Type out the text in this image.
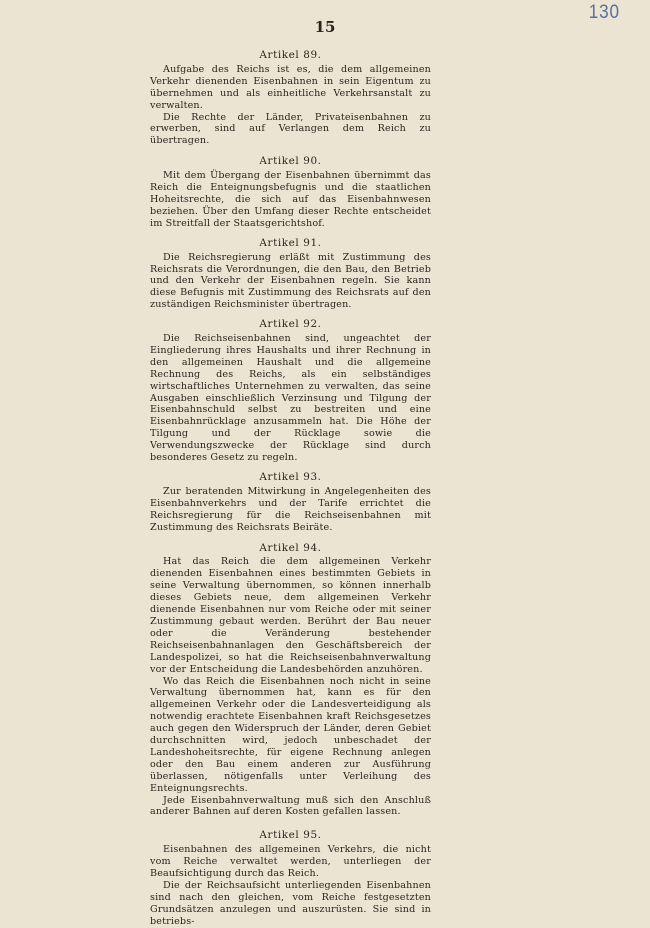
130
15

Artikel 89.

Aufgabe des Reichs ist es, die dem allgemeinen Verkehr dienenden Eisenbahnen in sein Eigentum zu übernehmen und als einheitliche Verkehrsanstalt zu verwalten.

Die Rechte der Länder, Privateisenbahnen zu erwerben, sind auf Verlangen dem Reich zu übertragen.

Artikel 90.

Mit dem Übergang der Eisenbahnen übernimmt das Reich die Enteignungsbefugnis und die staatlichen Hoheitsrechte, die sich auf das Eisenbahnwesen beziehen. Über den Umfang dieser Rechte entscheidet im Streitfall der Staatsgerichtshof.

Artikel 91.

Die Reichsregierung erläßt mit Zustimmung des Reichsrats die Verordnungen, die den Bau, den Betrieb und den Verkehr der Eisenbahnen regeln. Sie kann diese Befugnis mit Zustimmung des Reichsrats auf den zuständigen Reichsminister übertragen.

Artikel 92.

Die Reichseisenbahnen sind, ungeachtet der Eingliederung ihres Haushalts und ihrer Rechnung in den allgemeinen Haushalt und die allgemeine Rechnung des Reichs, als ein selbständiges wirtschaftliches Unternehmen zu verwalten, das seine Ausgaben einschließlich Verzinsung und Tilgung der Eisenbahnschuld selbst zu bestreiten und eine Eisenbahnrücklage anzusammeln hat. Die Höhe der Tilgung und der Rücklage sowie die Verwendungszwecke der Rücklage sind durch besonderes Gesetz zu regeln.

Artikel 93.

Zur beratenden Mitwirkung in Angelegenheiten des Eisenbahnverkehrs und der Tarife errichtet die Reichsregierung für die Reichseisenbahnen mit Zustimmung des Reichsrats Beiräte.

Artikel 94.

Hat das Reich die dem allgemeinen Verkehr dienenden Eisenbahnen eines bestimmten Gebiets in seine Verwaltung übernommen, so können innerhalb dieses Gebiets neue, dem allgemeinen Verkehr dienende Eisenbahnen nur vom Reiche oder mit seiner Zustimmung gebaut werden. Berührt der Bau neuer oder die Veränderung bestehender Reichseisenbahnanlagen den Geschäftsbereich der Landespolizei, so hat die Reichseisenbahnverwaltung vor der Entscheidung die Landesbehörden anzuhören.

Wo das Reich die Eisenbahnen noch nicht in seine Verwaltung übernommen hat, kann es für den allgemeinen Verkehr oder die Landesverteidigung als notwendig erachtete Eisenbahnen kraft Reichsgesetzes auch gegen den Widerspruch der Länder, deren Gebiet durchschnitten wird, jedoch unbeschadet der Landeshoheitsrechte, für eigene Rechnung anlegen oder den Bau einem anderen zur Ausführung überlassen, nötigenfalls unter Verleihung des Enteignungsrechts.

Jede Eisenbahnverwaltung muß sich den Anschluß anderer Bahnen auf deren Kosten gefallen lassen.

Artikel 95.

Eisenbahnen des allgemeinen Verkehrs, die nicht vom Reiche verwaltet werden, unterliegen der Beaufsichtigung durch das Reich.

Die der Reichsaufsicht unterliegenden Eisenbahnen sind nach den gleichen, vom Reiche festgesetzten Grundsätzen anzulegen und auszurüsten. Sie sind in betriebs-
